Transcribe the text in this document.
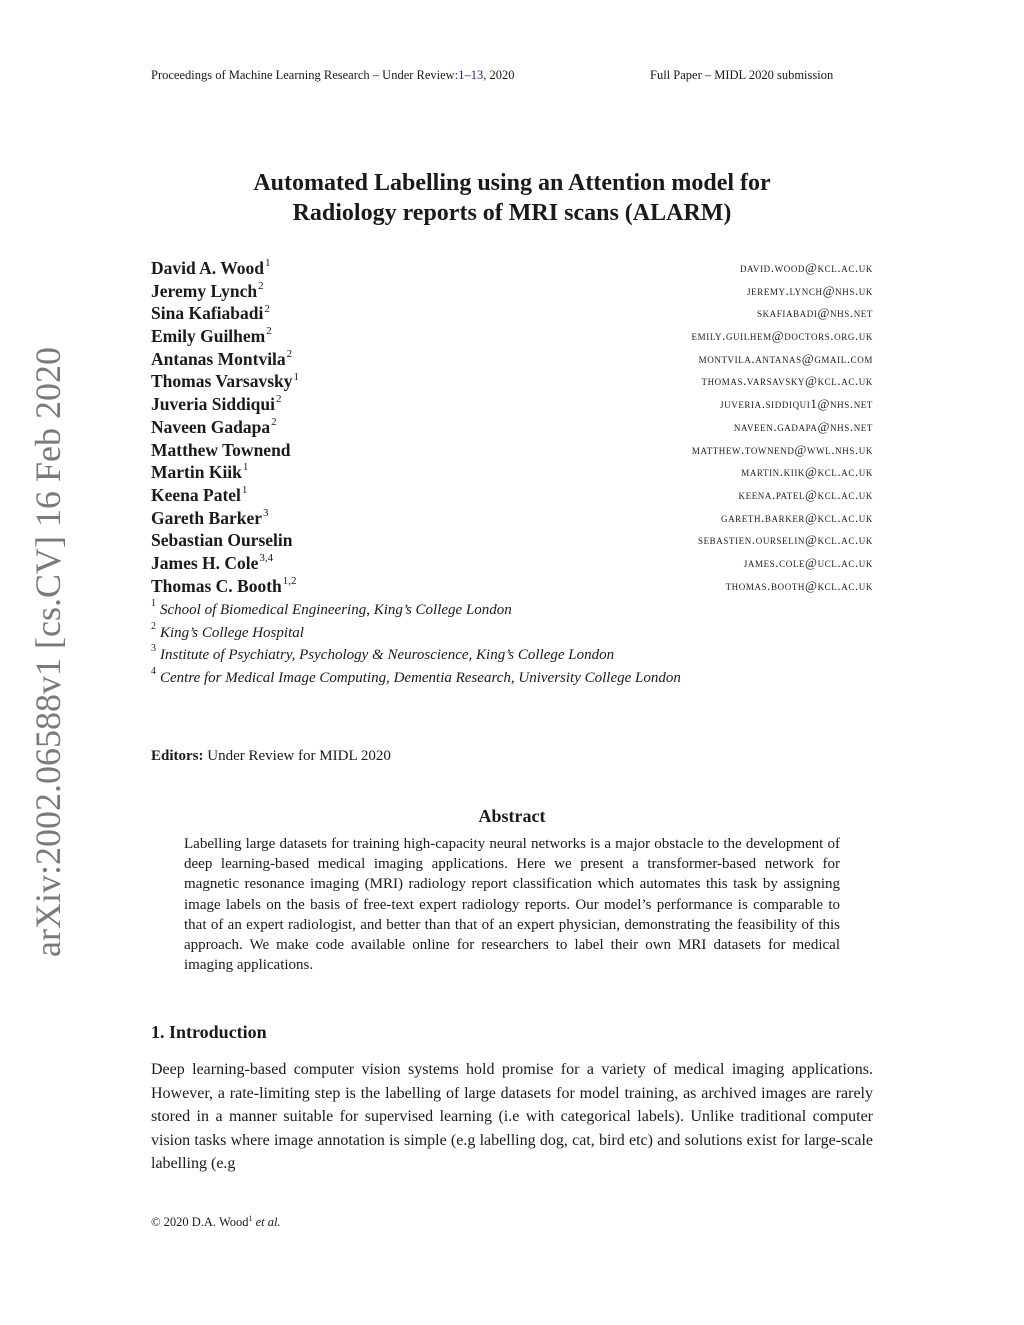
Proceedings of Machine Learning Research – Under Review:1–13, 2020	Full Paper – MIDL 2020 submission
arXiv:2002.06588v1 [cs.CV] 16 Feb 2020
Automated Labelling using an Attention model for
Radiology reports of MRI scans (ALARM)
David A. Wood$^1$	david.wood@kcl.ac.uk
Jeremy Lynch$^2$	jeremy.lynch@nhs.uk
Sina Kafiabadi$^2$	skafiabadi@nhs.net
Emily Guilhem$^2$	emily.guilhem@doctors.org.uk
Antanas Montvila$^2$	montvila.antanas@gmail.com
Thomas Varsavsky$^1$	thomas.varsavsky@kcl.ac.uk
Juveria Siddiqui$^2$	juveria.siddiqui1@nhs.net
Naveen Gadapa$^2$	naveen.gadapa@nhs.net
Matthew Townend	matthew.townend@wwl.nhs.uk
Martin Kiik$^1$	martin.kiik@kcl.ac.uk
Keena Patel$^1$	keena.patel@kcl.ac.uk
Gareth Barker$^3$	gareth.barker@kcl.ac.uk
Sebastian Ourselin	sebastien.ourselin@kcl.ac.uk
James H. Cole$^{3,4}$	james.cole@ucl.ac.uk
Thomas C. Booth$^{1,2}$	thomas.booth@kcl.ac.uk
$^1$ School of Biomedical Engineering, King’s College London
$^2$ King’s College Hospital
$^3$ Institute of Psychiatry, Psychology & Neuroscience, King’s College London
$^4$ Centre for Medical Image Computing, Dementia Research, University College London
Editors: Under Review for MIDL 2020
Abstract
Labelling large datasets for training high-capacity neural networks is a major obstacle to the development of deep learning-based medical imaging applications. Here we present a transformer-based network for magnetic resonance imaging (MRI) radiology report classification which automates this task by assigning image labels on the basis of free-text expert radiology reports. Our model’s performance is comparable to that of an expert radiologist, and better than that of an expert physician, demonstrating the feasibility of this approach. We make code available online for researchers to label their own MRI datasets for medical imaging applications.
1. Introduction
Deep learning-based computer vision systems hold promise for a variety of medical imaging applications. However, a rate-limiting step is the labelling of large datasets for model training, as archived images are rarely stored in a manner suitable for supervised learning (i.e with categorical labels). Unlike traditional computer vision tasks where image annotation is simple (e.g labelling dog, cat, bird etc) and solutions exist for large-scale labelling (e.g
© 2020 D.A. Wood$^1$ et al.
